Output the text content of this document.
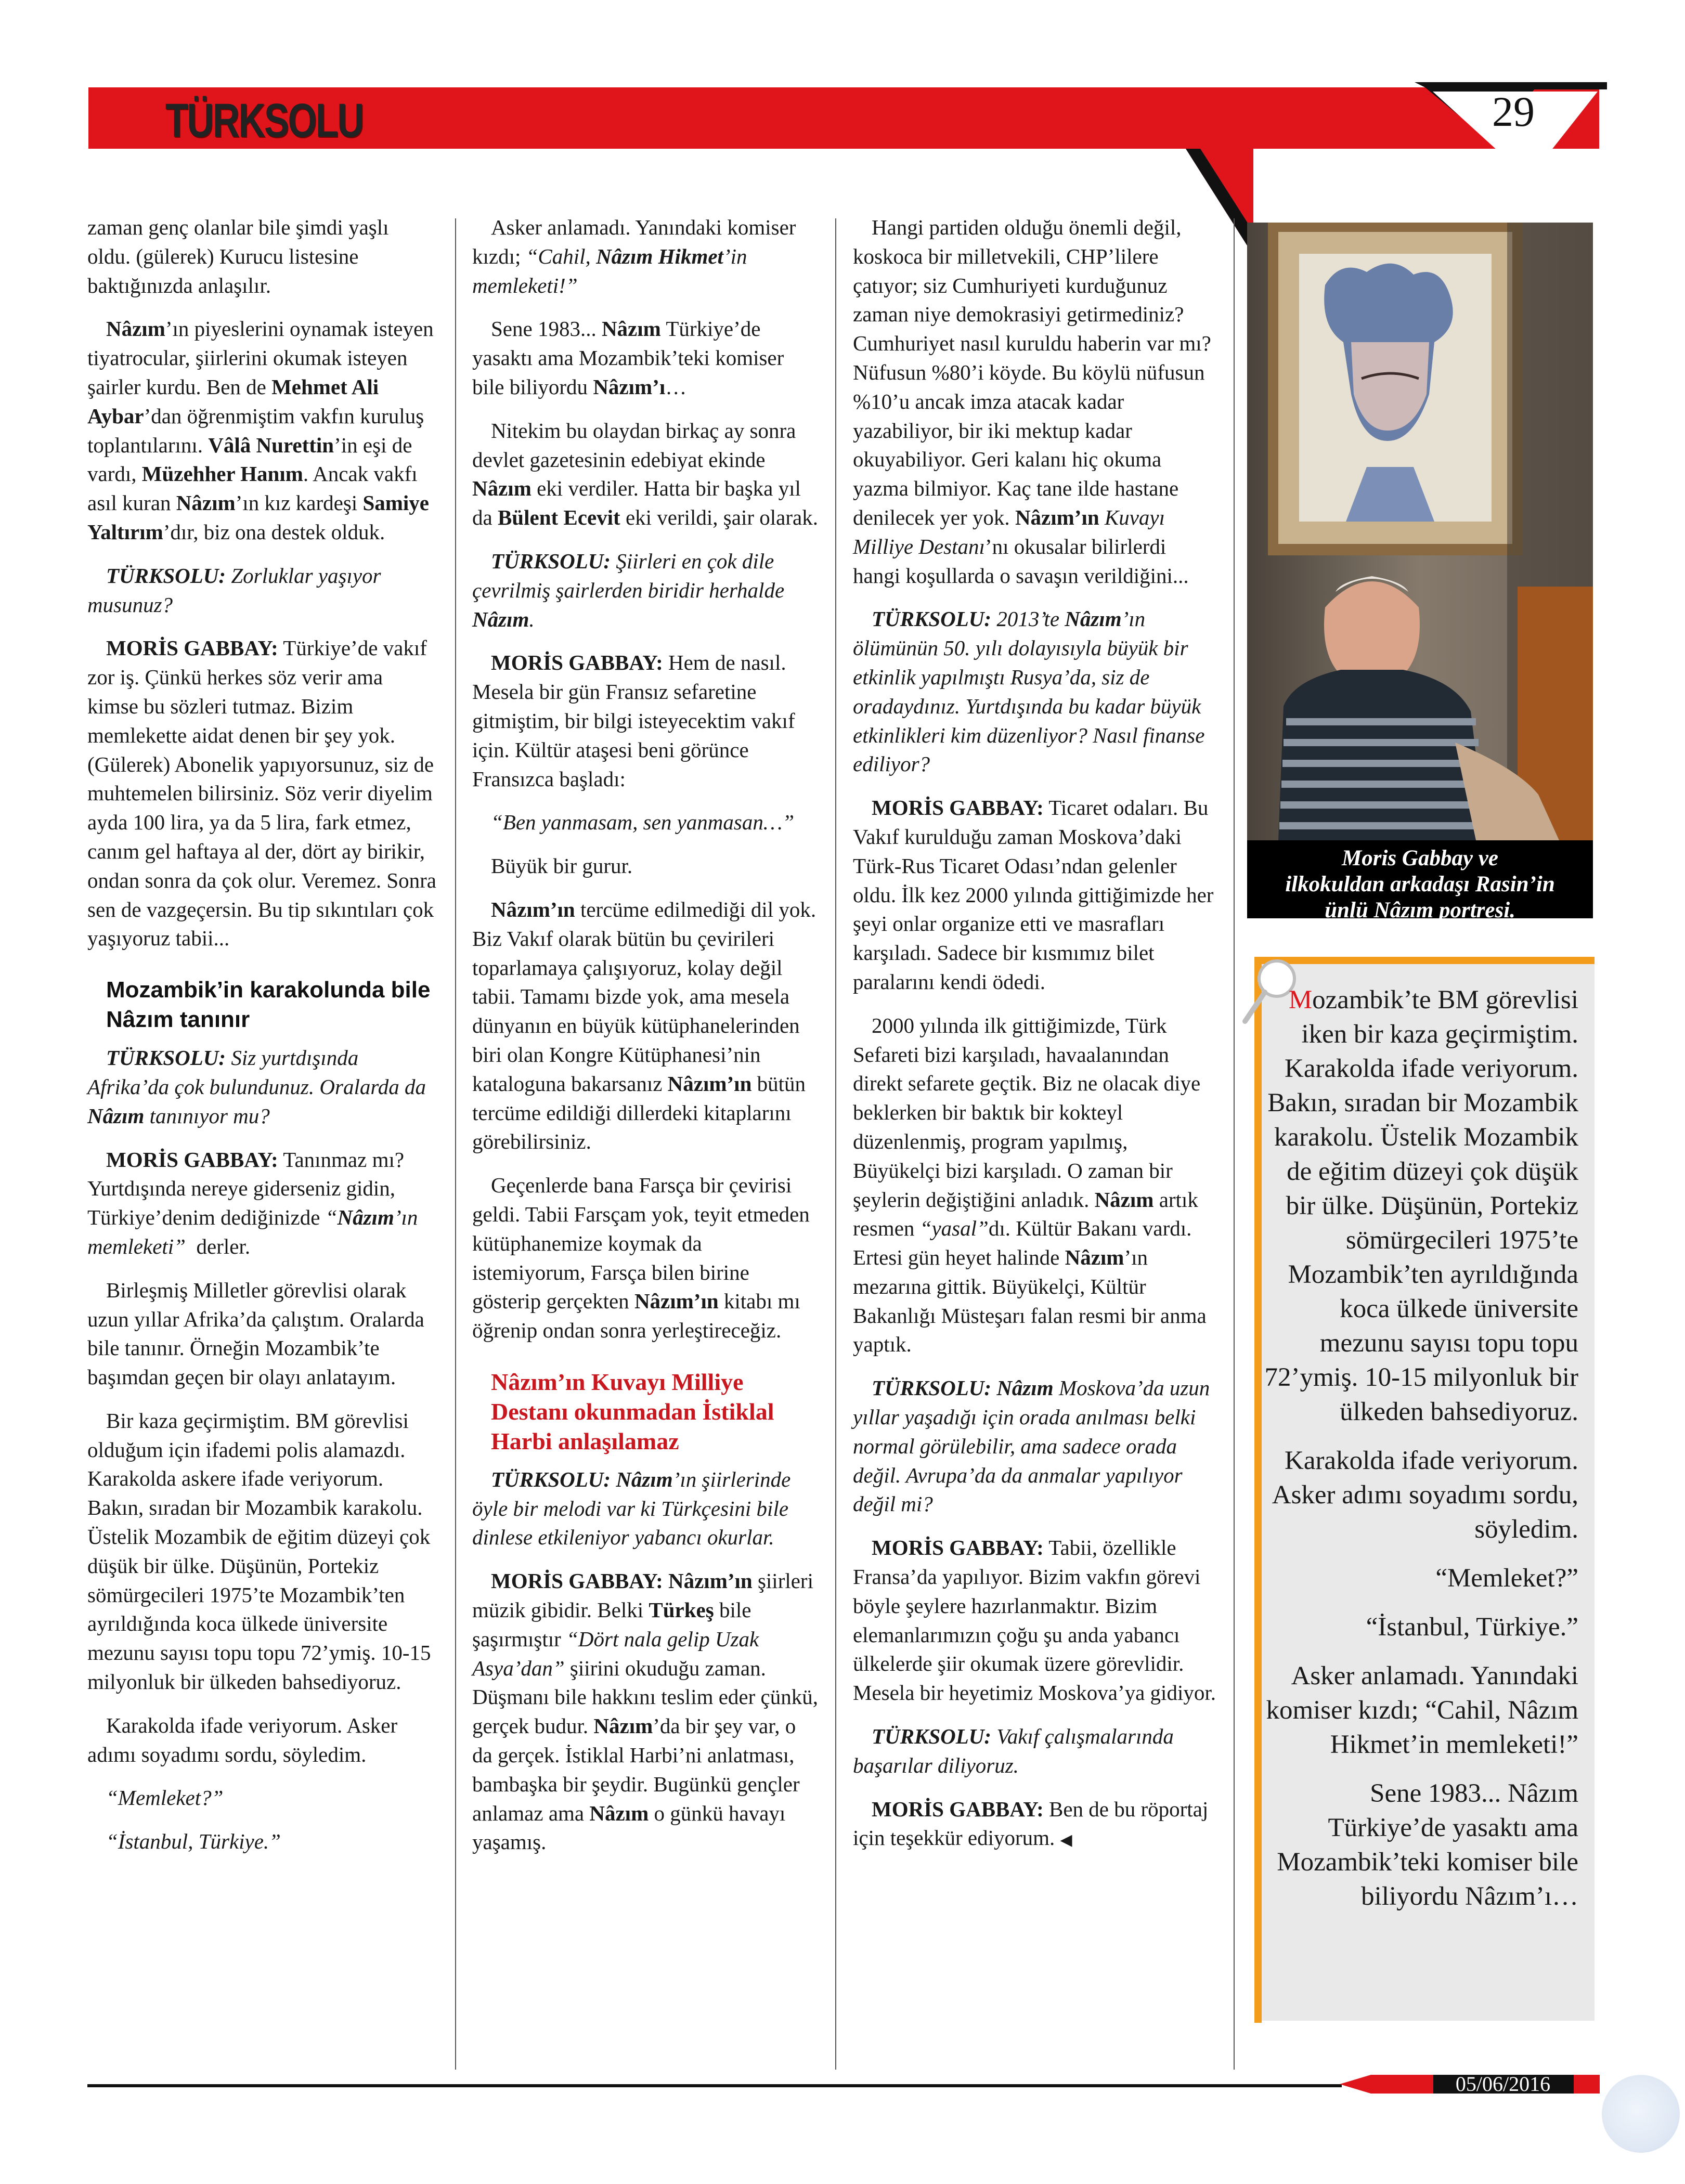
TÜRKSOLU	29

zaman genç olanlar bile şimdi yaşlı oldu. (gülerek) Kurucu listesine baktığınızda anlaşılır.

Nâzım’ın piyeslerini oynamak isteyen tiyatrocular, şiirlerini okumak isteyen şairler kurdu. Ben de Mehmet Ali Aybar’dan öğrenmiştim vakfın kuruluş toplantılarını. Vâlâ Nurettin’in eşi de vardı, Müzehher Hanım. Ancak vakfı asıl kuran Nâzım’ın kız kardeşi Samiye Yaltırım’dır, biz ona destek olduk.

TÜRKSOLU: Zorluklar yaşıyor musunuz?

MORİS GABBAY: Türkiye’de vakıf zor iş. Çünkü herkes söz verir ama kimse bu sözleri tutmaz. Bizim memlekette aidat denen bir şey yok. (Gülerek) Abonelik yapıyorsunuz, siz de muhtemelen bilirsiniz. Söz verir diyelim ayda 100 lira, ya da 5 lira, fark etmez, canım gel haftaya al der, dört ay birikir, ondan sonra da çok olur. Veremez. Sonra sen de vazgeçersin. Bu tip sıkıntıları çok yaşıyoruz tabii...

Mozambik’in karakolunda bile Nâzım tanınır

TÜRKSOLU: Siz yurtdışında Afrika’da çok bulundunuz. Oralarda da Nâzım tanınıyor mu?

MORİS GABBAY: Tanınmaz mı? Yurtdışında nereye giderseniz gidin, Türkiye’denim dediğinizde “Nâzım’ın memleketi” derler.

Birleşmiş Milletler görevlisi olarak uzun yıllar Afrika’da çalıştım. Oralarda bile tanınır. Örneğin Mozambik’te başımdan geçen bir olayı anlatayım.

Bir kaza geçirmiştim. BM görevlisi olduğum için ifademi polis alamazdı. Karakolda askere ifade veriyorum. Bakın, sıradan bir Mozambik karakolu. Üstelik Mozambik de eğitim düzeyi çok düşük bir ülke. Düşünün, Portekiz sömürgecileri 1975’te Mozambik’ten ayrıldığında koca ülkede üniversite mezunu sayısı topu topu 72’ymiş. 10-15 milyonluk bir ülkeden bahsediyoruz.

Karakolda ifade veriyorum. Asker adımı soyadımı sordu, söyledim.

“Memleket?”

“İstanbul, Türkiye.”

Asker anlamadı. Yanındaki komiser kızdı; “Cahil, Nâzım Hikmet’in memleketi!”

Sene 1983... Nâzım Türkiye’de yasaktı ama Mozambik’teki komiser bile biliyordu Nâzım’ı…

Nitekim bu olaydan birkaç ay sonra devlet gazetesinin edebiyat ekinde Nâzım eki verdiler. Hatta bir başka yıl da Bülent Ecevit eki verildi, şair olarak.

TÜRKSOLU: Şiirleri en çok dile çevrilmiş şairlerden biridir herhalde Nâzım.

MORİS GABBAY: Hem de nasıl. Mesela bir gün Fransız sefaretine gitmiştim, bir bilgi isteyecektim vakıf için. Kültür ataşesi beni görünce Fransızca başladı:

“Ben yanmasam, sen yanmasan…”

Büyük bir gurur.

Nâzım’ın tercüme edilmediği dil yok. Biz Vakıf olarak bütün bu çevirileri toparlamaya çalışıyoruz, kolay değil tabii. Tamamı bizde yok, ama mesela dünyanın en büyük kütüphanelerinden biri olan Kongre Kütüphanesi’nin kataloguna bakarsanız Nâzım’ın bütün tercüme edildiği dillerdeki kitaplarını görebilirsiniz.

Geçenlerde bana Farsça bir çevirisi geldi. Tabii Farsçam yok, teyit etmeden kütüphanemize koymak da istemiyorum, Farsça bilen birine gösterip gerçekten Nâzım’ın kitabı mı öğrenip ondan sonra yerleştireceğiz.

Nâzım’ın Kuvayı Milliye Destanı okunmadan İstiklal Harbi anlaşılamaz

TÜRKSOLU: Nâzım’ın şiirlerinde öyle bir melodi var ki Türkçesini bile dinlese etkileniyor yabancı okurlar.

MORİS GABBAY: Nâzım’ın şiirleri müzik gibidir. Belki Türkeş bile şaşırmıştır “Dört nala gelip Uzak Asya’dan” şiirini okuduğu zaman. Düşmanı bile hakkını teslim eder çünkü, gerçek budur. Nâzım’da bir şey var, o da gerçek. İstiklal Harbi’ni anlatması, bambaşka bir şeydir. Bugünkü gençler anlamaz ama Nâzım o günkü havayı yaşamış.

Hangi partiden olduğu önemli değil, koskoca bir milletvekili, CHP’lilere çatıyor; siz Cumhuriyeti kurduğunuz zaman niye demokrasiyi getirmediniz? Cumhuriyet nasıl kuruldu haberin var mı? Nüfusun %80’i köyde. Bu köylü nüfusun %10’u ancak imza atacak kadar yazabiliyor, bir iki mektup kadar okuyabiliyor. Geri kalanı hiç okuma yazma bilmiyor. Kaç tane ilde hastane denilecek yer yok. Nâzım’ın Kuvayı Milliye Destanı’nı okusalar bilirlerdi hangi koşullarda o savaşın verildiğini...

TÜRKSOLU: 2013’te Nâzım’ın ölümünün 50. yılı dolayısıyla büyük bir etkinlik yapılmıştı Rusya’da, siz de oradaydınız. Yurtdışında bu kadar büyük etkinlikleri kim düzenliyor? Nasıl finanse ediliyor?

MORİS GABBAY: Ticaret odaları. Bu Vakıf kurulduğu zaman Moskova’daki Türk-Rus Ticaret Odası’ndan gelenler oldu. İlk kez 2000 yılında gittiğimizde her şeyi onlar organize etti ve masrafları karşıladı. Sadece bir kısmımız bilet paralarını kendi ödedi.

2000 yılında ilk gittiğimizde, Türk Sefareti bizi karşıladı, havaalanından direkt sefarete geçtik. Biz ne olacak diye beklerken bir baktık bir kokteyl düzenlenmiş, program yapılmış, Büyükelçi bizi karşıladı. O zaman bir şeylerin değiştiğini anladık. Nâzım artık resmen “yasal”dı. Kültür Bakanı vardı. Ertesi gün heyet halinde Nâzım’ın mezarına gittik. Büyükelçi, Kültür Bakanlığı Müsteşarı falan resmi bir anma yaptık.

TÜRKSOLU: Nâzım Moskova’da uzun yıllar yaşadığı için orada anılması belki normal görülebilir, ama sadece orada değil. Avrupa’da da anmalar yapılıyor değil mi?

MORİS GABBAY: Tabii, özellikle Fransa’da yapılıyor. Bizim vakfın görevi böyle şeylere hazırlanmaktır. Bizim elemanlarımızın çoğu şu anda yabancı ülkelerde şiir okumak üzere görevlidir. Mesela bir heyetimiz Moskova’ya gidiyor.

TÜRKSOLU: Vakıf çalışmalarında başarılar diliyoruz.

MORİS GABBAY: Ben de bu röportaj için teşekkür ediyorum. ◀

Moris Gabbay ve
ilkokuldan arkadaşı Rasin’in
ünlü Nâzım portresi.

Mozambik’te BM görevlisi iken bir kaza geçirmiştim. Karakolda ifade veriyorum. Bakın, sıradan bir Mozambik karakolu. Üstelik Mozambik de eğitim düzeyi çok düşük bir ülke. Düşünün, Portekiz sömürgecileri 1975’te Mozambik’ten ayrıldığında koca ülkede üniversite mezunu sayısı topu topu 72’ymiş. 10-15 milyonluk bir ülkeden bahsediyoruz.

Karakolda ifade veriyorum. Asker adımı soyadımı sordu, söyledim.

“Memleket?”

“İstanbul, Türkiye.”

Asker anlamadı. Yanındaki komiser kızdı; “Cahil, Nâzım Hikmet’in memleketi!”

Sene 1983... Nâzım Türkiye’de yasaktı ama Mozambik’teki komiser bile biliyordu Nâzım’ı…

05/06/2016
